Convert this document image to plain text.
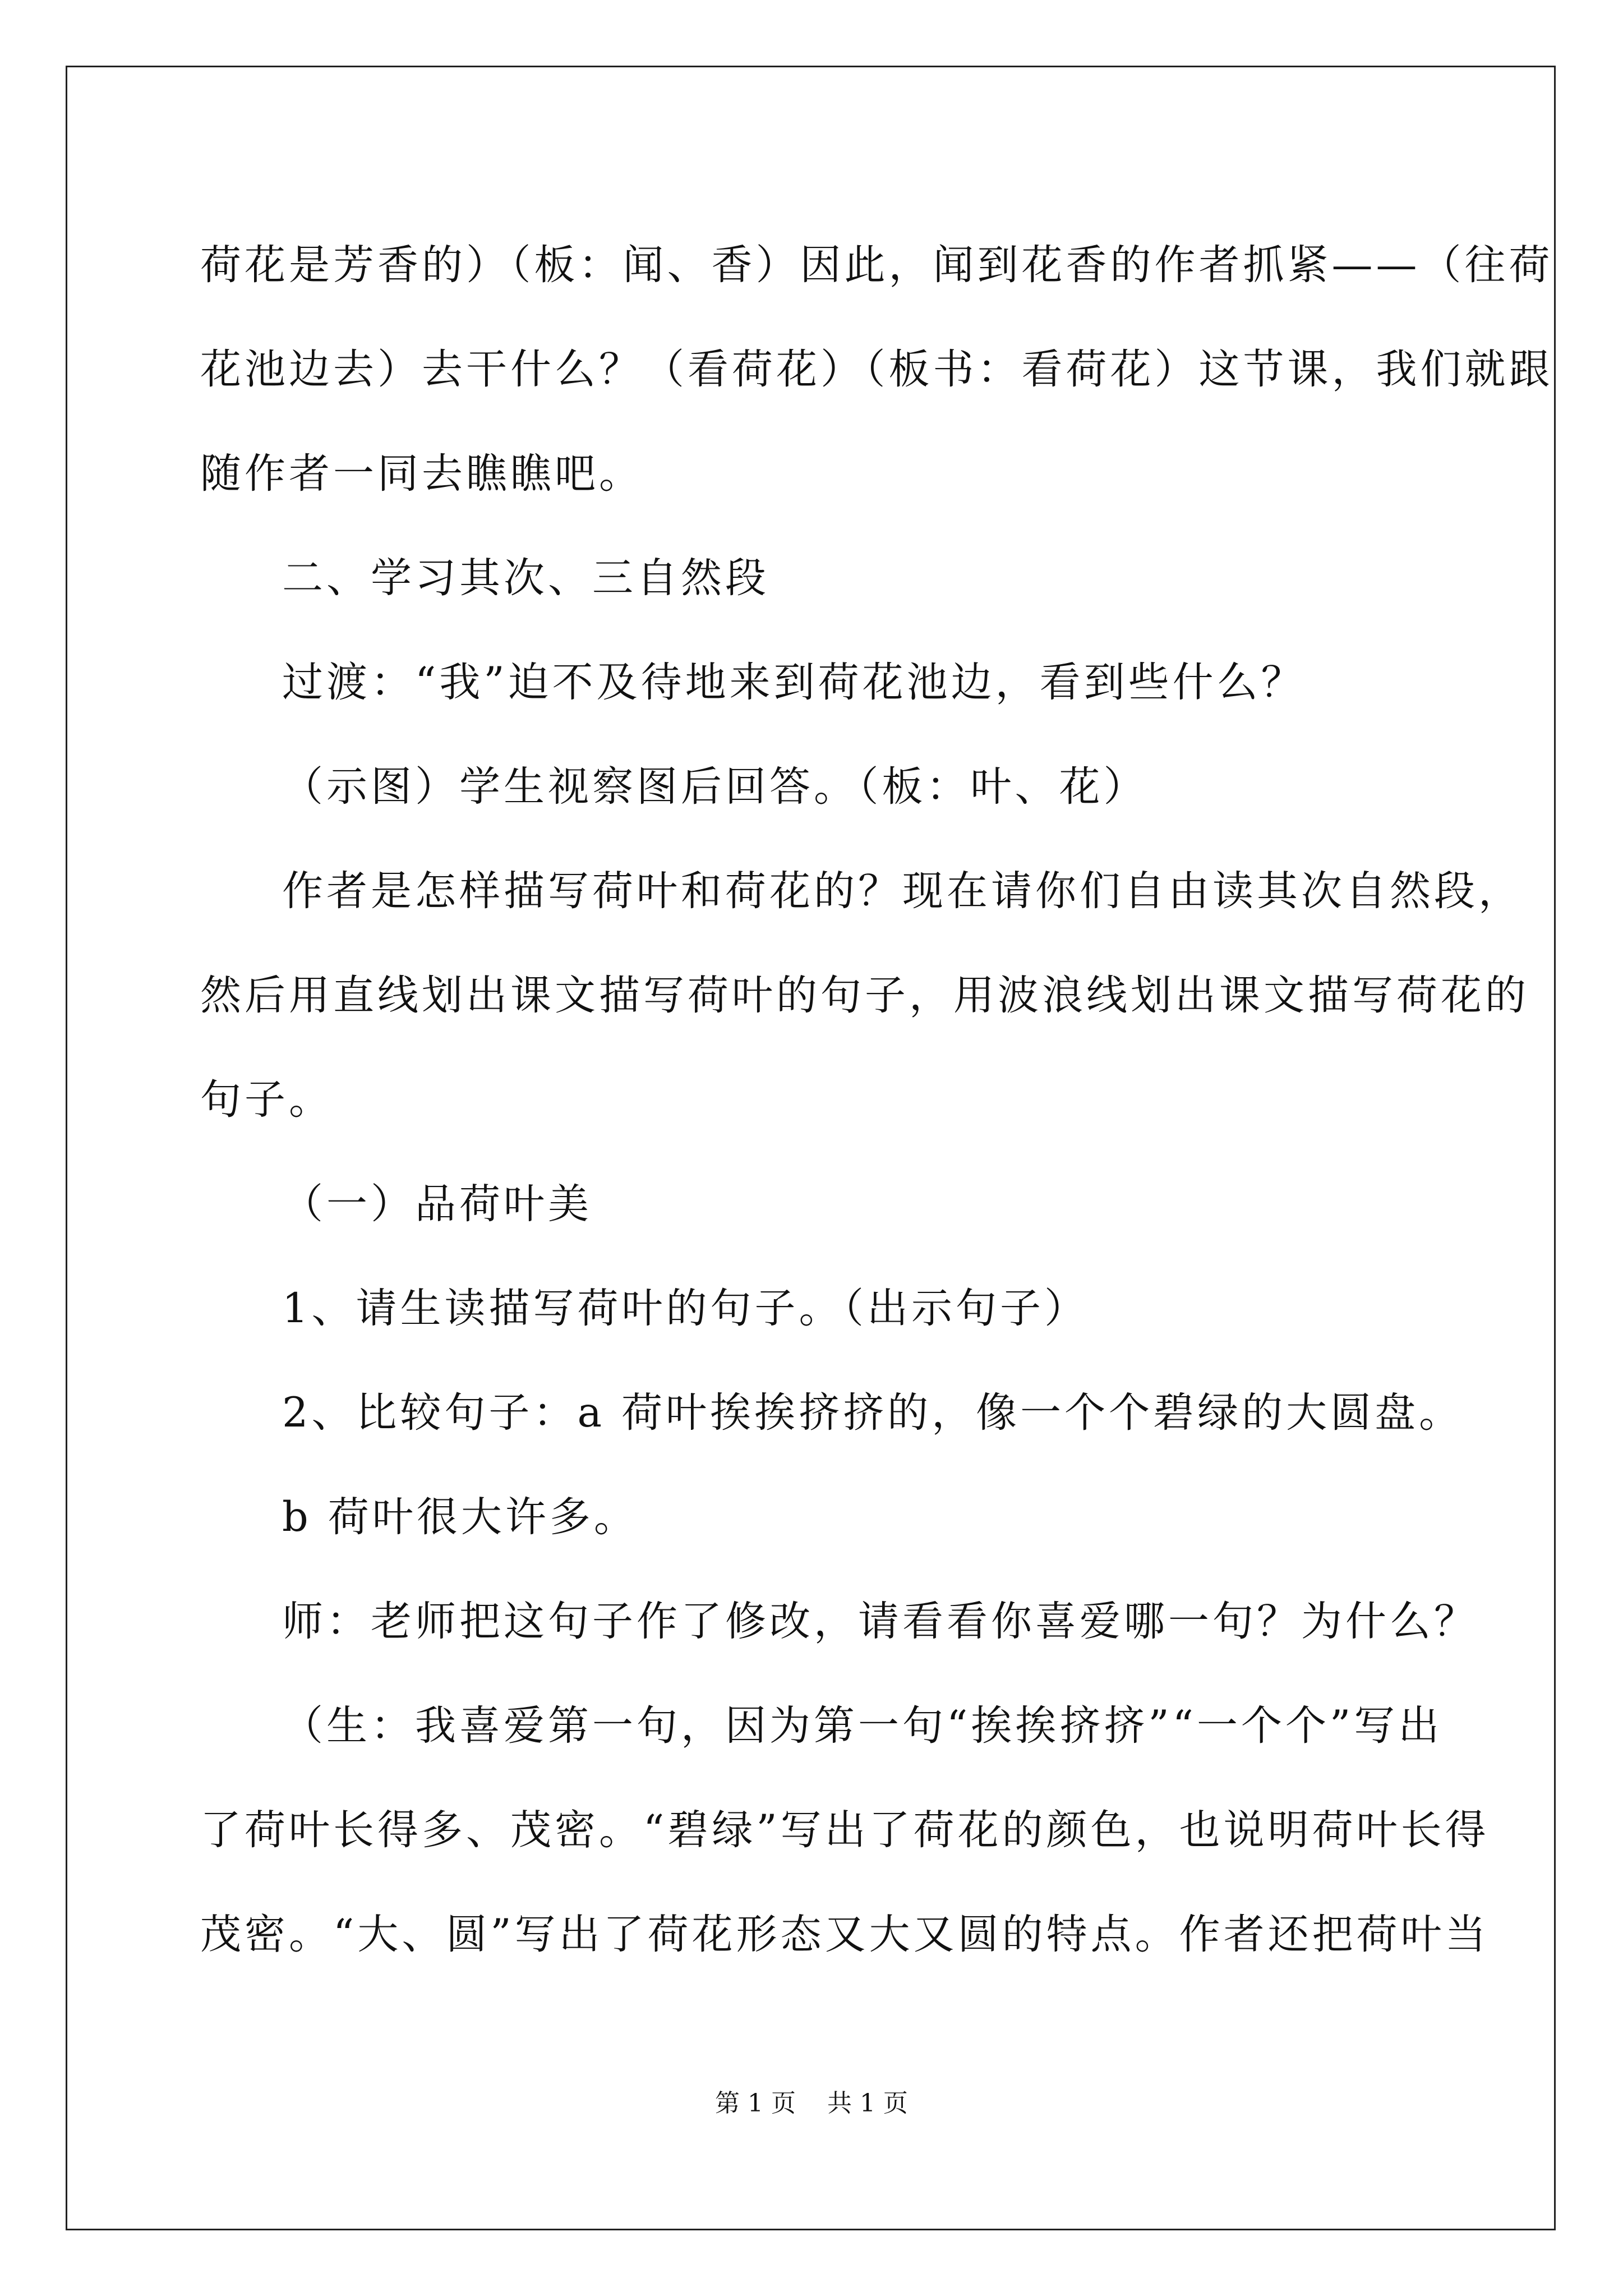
荷花是芳香的）（板：闻、香）因此，闻到花香的作者抓紧——（往荷
花池边去）去干什么？（看荷花）（板书：看荷花）这节课，我们就跟
随作者一同去瞧瞧吧。
二、学习其次、三自然段
过渡：“我”迫不及待地来到荷花池边，看到些什么？
（示图）学生视察图后回答。（板：叶、花）
作者是怎样描写荷叶和荷花的？现在请你们自由读其次自然段，
然后用直线划出课文描写荷叶的句子，用波浪线划出课文描写荷花的
句子。
（一）品荷叶美
1、请生读描写荷叶的句子。（出示句子）
2、比较句子：a 荷叶挨挨挤挤的，像一个个碧绿的大圆盘。
b 荷叶很大许多。
师：老师把这句子作了修改，请看看你喜爱哪一句？为什么？
（生：我喜爱第一句，因为第一句“挨挨挤挤”“一个个”写出
了荷叶长得多、茂密。“碧绿”写出了荷花的颜色，也说明荷叶长得
茂密。“大、圆”写出了荷花形态又大又圆的特点。作者还把荷叶当
第 1 页    共 1 页
